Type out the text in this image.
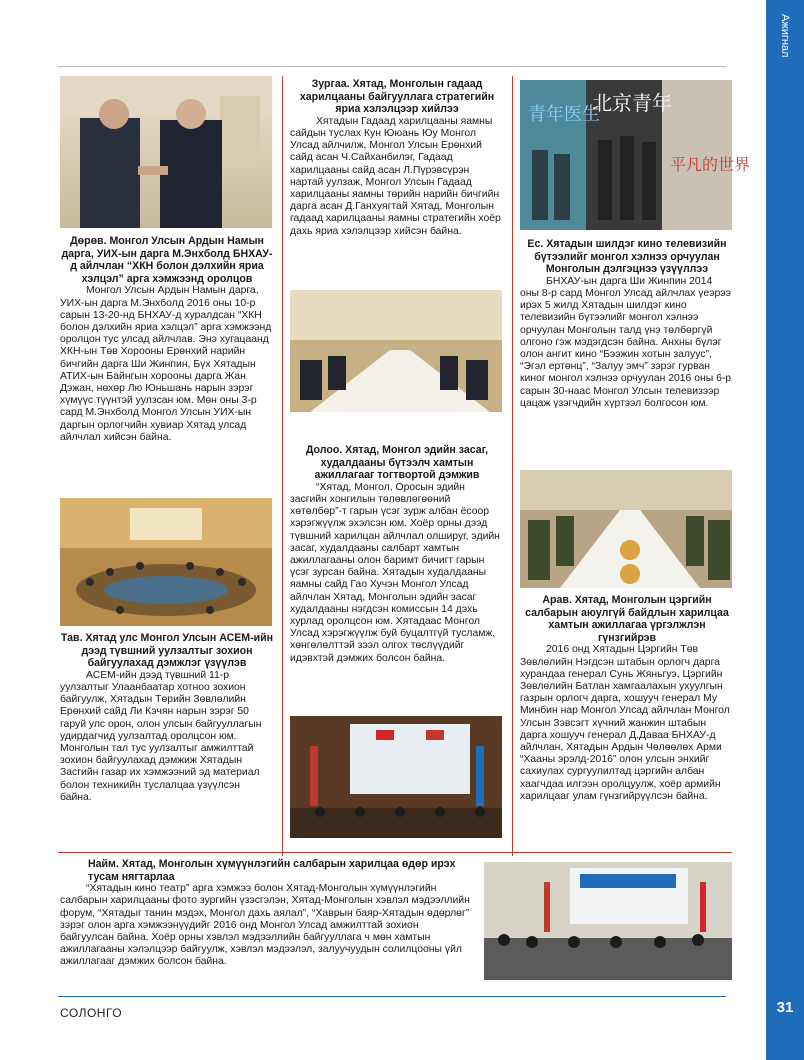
Ажигнал

Дөрөв. Монгол Улсын Ардын Намын дарга, УИХ-ын дарга М.Энхболд БНХАУ-д айлчлан “ХКН болон дэлхийн яриа хэлцэл” арга хэмжээнд оролцов

Монгол Улсын Ардын Намын дарга, УИХ-ын дарга М.Энхболд 2016 оны 10-р сарын 13-20-нд БНХАУ-д хуралдсан “ХКН болон дэлхийн яриа хэлцэл” арга хэмжээнд оролцон тус улсад айлчлав. Энэ хугацаанд ХКН-ын Төв Хорооны Ерөнхий нарийн бичгийн дарга Ши Жинпин, Бүх Хятадын АТИХ-ын Байнгын хорооны дарга Жан Дэжан, нөхөр Лю Юньшань нарын зэрэг хүмүүс түүнтэй уулзсан юм. Мөн оны 3-р сард М.Энхболд Монгол Улсын УИХ-ын даргын орлогчийн хувиар Хятад улсад айлчлал хийсэн байна.

Тав. Хятад улс Монгол Улсын АСЕМ-ийн дээд түвшний уулзалтыг зохион байгуулахад дэмжлэг үзүүлэв

АСЕМ-ийн дээд түвшний 11-р уулзалтыг Улаанбаатар хотноо зохион байгуулж, Хятадын Төрийн Зөвлөлийн Ерөнхий сайд Ли Кэчян нарын зэрэг 50 гаруй улс орон, олон улсын байгууллагын удирдагчид уулзалтад оролцсон юм. Монголын тал тус уулзалтыг амжилттай зохион байгуулахад дэмжиж Хятадын Засгийн газар их хэмжээний эд материал болон техникийн туслалцаа үзүүлсэн байна.

Зургаа. Хятад, Монголын гадаад харилцааны байгууллага стратегийн яриа хэлэлцээр хийлээ

Хятадын Гадаад харилцааны яамны сайдын туслах Кун Ююань Юу Монгол Улсад айлчилж, Монгол Улсын Ерөнхий сайд асан Ч.Сайханбилэг, Гадаад харилцааны сайд асан Л.Пүрэвсүрэн нартай уулзаж, Монгол Улсын Гадаад харилцааны яамны төрийн нарийн бичгийн дарга асан Д.Ганхуягтай Хятад, Монголын гадаад харилцааны яамны стратегийн хоёр дахь яриа хэлэлцээр хийсэн байна.

Долоо. Хятад, Монгол эдийн засаг, худалдааны бүтээлч хамтын ажиллагааг тогтвортой дэмжив

“Хятад, Монгол, Оросын эдийн засгийн хонгилын төлөвлөгөөний хөтөлбөр”-т гарын үсэг зурж албан ёсоор хэрэгжүүлж эхэлсэн юм. Хоёр орны дээд түвшний харилцан айлчлал олшируг, эдийн засаг, худалдааны салбарт хамтын ажиллагааны олон баримт бичигт гарын үсэг зурсан байна. Хятадын худалдааны яамны сайд Гао Хучэн Монгол Улсад айлчлан Хятад, Монголын эдийн засаг худалдааны нэгдсэн комиссын 14 дэхь хурлад оролцсон юм. Хятадаас Монгол Улсад хэрэгжүүлж буй буцалтгүй тусламж, хөнгөлөлттэй зээл олгох төслүүдийг идэвхтэй дэмжих болсон байна.

青年医生
北京青年
平凡的世界

Ес. Хятадын шилдэг кино телевизийн бүтээлийг монгол хэлнээ орчуулан Монголын дэлгэцнээ үзүүллээ

БНХАУ-ын дарга Ши Жинпин 2014 оны 8-р сард Монгол Улсад айлчлах үеэрээ ирэх 5 жилд Хятадын шилдэг кино телевизийн бүтээлийг монгол хэлнээ орчуулан Монголын талд үнэ төлбөргүй олгоно гэж мэдэгдсэн байна. Анхны бүлэг олон ангит кино “Бээжин хотын залуус”, “Эгэл ертөнц”, “Залуу эмч” зэрэг гурван киног монгол хэлнээ орчуулан 2016 оны 6-р сарын 30-наас Монгол Улсын телевизээр цацаж үзэгчдийн хүртээл болгосон юм.

Арав. Хятад, Монголын цэргийн салбарын аюулгүй байдлын харилцаа хамтын ажиллагаа үргэлжлэн гүнзгийрэв

2016 онд Хятадын Цэргийн Төв Зөвлөлийн Нэгдсэн штабын орлогч дарга хурандаа генерал Сунь Жяньгуэ, Цэргийн Зөвлөлийн Батлан хамгаалахын ухуулгын газрын орлогч дарга, хошууч генерал Му Минбин нар Монгол Улсад айлчлан Монгол Улсын Зэвсэгт хүчний жанжин штабын дарга хошууч генерал Д.Даваа БНХАУ-д айлчлан, Хятадын Ардын Чөлөөлөх Арми “Хааны эрэлд-2016” олон улсын энхийг сахиулах сургуулилтад цэргийн албан хаагчдаа илгээн оролцуулж, хоёр армийн харилцааг улам гүнзгийрүүлсэн байна.

Найм. Хятад, Монголын хүмүүнлэгийн салбарын харилцаа өдөр ирэх тусам нягтарлаа

“Хятадын кино театр” арга хэмжээ болон Хятад-Монголын хүмүүнлэгийн салбарын харилцааны фото зургийн үзэсгэлэн, Хятад-Монголын хэвлэл мэдээллийн форум, “Хятадыг танин мэдэх, Монгол дахь аялал”, “Хаврын баяр-Хятадын өдөрлөг” зэрэг олон арга хэмжээнүүдийг 2016 онд Монгол Улсад амжилттай зохион байгуулсан байна. Хоёр орны хэвлэл мэдээллийн байгууллага ч мөн хамтын ажиллагааны хэлэлцээр байгуулж, хэвлэл мэдээлэл, залуучуудын солилцооны үйл ажиллагааг дэмжих болсон байна.

СОЛОНГО	31
